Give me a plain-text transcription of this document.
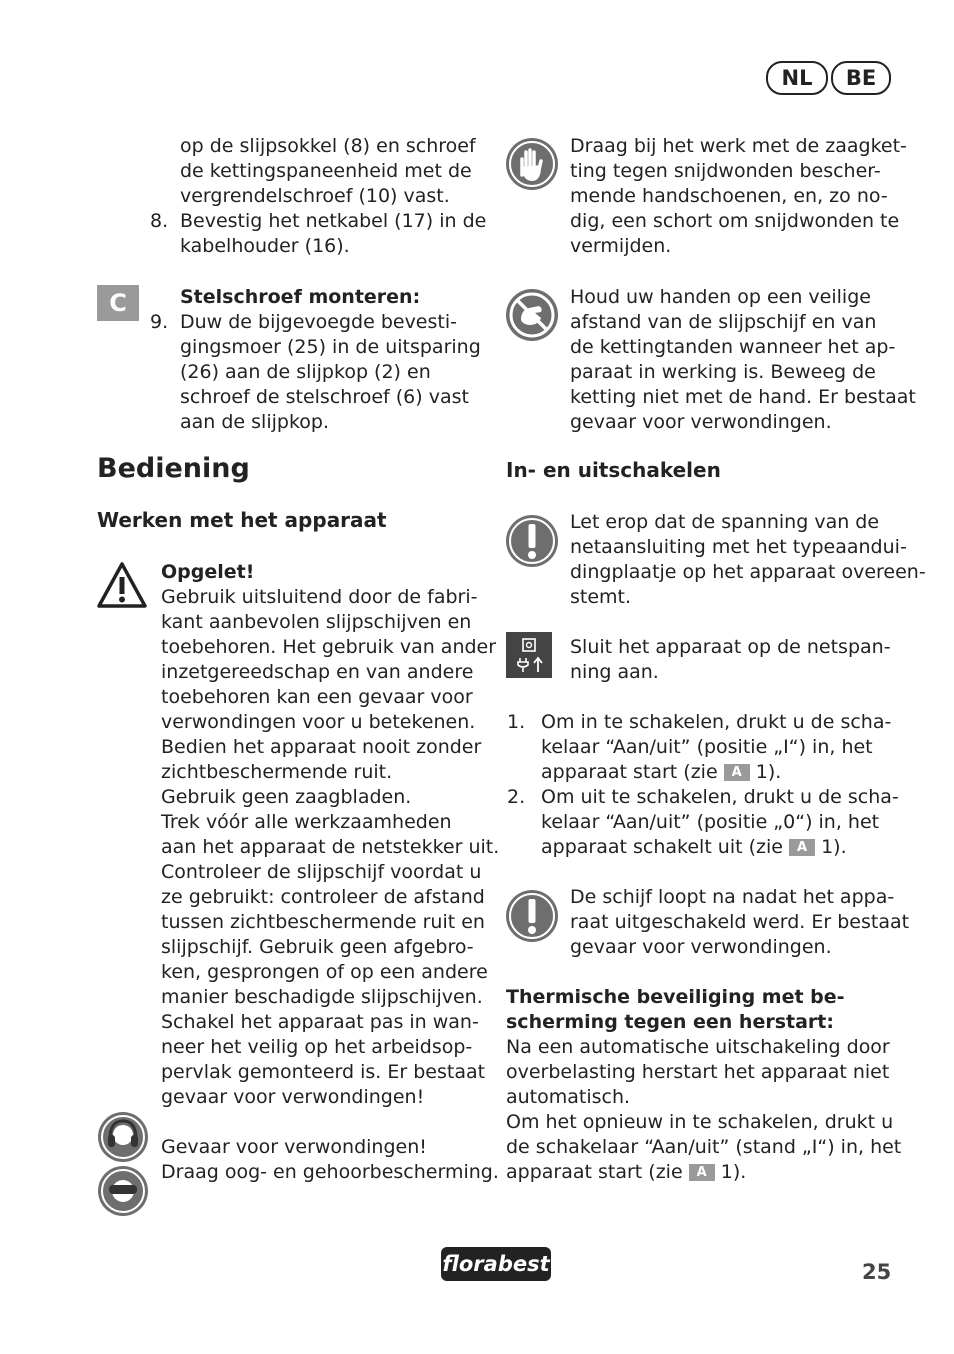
NL	BE

op de slijpsokkel (8) en schroef

de kettingspaneenheid met de

vergrendelschroef (10) vast.

8. Bevestig het netkabel (17) in de

kabelhouder (16).

C	Stelschroef monteren:

9. Duw de bijgevoegde bevesti-

gingsmoer (25) in de uitsparing

(26) aan de slijpkop (2) en

schroef de stelschroef (6) vast

aan de slijpkop.

Bediening
Werken met het apparaat

Opgelet!

Gebruik uitsluitend door de fabri-

kant aanbevolen slijpschijven en

toebehoren. Het gebruik van ander

inzetgereedschap en van andere

toebehoren kan een gevaar voor

verwondingen voor u betekenen.

Bedien het apparaat nooit zonder

zichtbeschermende ruit.

Gebruik geen zaagbladen.

Trek vóór alle werkzaamheden

aan het apparaat de netstekker uit.

Controleer de slijpschijf voordat u

ze gebruikt: controleer de afstand

tussen zichtbeschermende ruit en

slijpschijf. Gebruik geen afgebro-

ken, gesprongen of op een andere

manier beschadigde slijpschijven.

Schakel het apparaat pas in wan-

neer het veilig op het arbeidsop-

pervlak gemonteerd is. Er bestaat

gevaar voor verwondingen!

Gevaar voor verwondingen!

Draag oog- en gehoorbescherming.

Draag bij het werk met de zaagket-

ting tegen snijdwonden bescher-

mende handschoenen, en, zo no-

dig, een schort om snijdwonden te

vermijden.

Houd uw handen op een veilige

afstand van de slijpschijf en van

de kettingtanden wanneer het ap-

paraat in werking is. Beweeg de

ketting niet met de hand. Er bestaat

gevaar voor verwondingen.

In- en uitschakelen

Let erop dat de spanning van de

netaansluiting met het typeaandui-

dingplaatje op het apparaat overeen-

stemt.

Sluit het apparaat op de netspan-

ning aan.

1. Om in te schakelen, drukt u de scha-

kelaar “Aan/uit” (positie „I“) in, het

apparaat start (zie A 1).

2. Om uit te schakelen, drukt u de scha-

kelaar “Aan/uit” (positie „0“) in, het

apparaat schakelt uit (zie A 1).

De schijf loopt na nadat het appa-

raat uitgeschakeld werd. Er bestaat

gevaar voor verwondingen.

Thermische beveiliging met be-

scherming tegen een herstart:

Na een automatische uitschakeling door

overbelasting herstart het apparaat niet

automatisch.

Om het opnieuw in te schakelen, drukt u

de schakelaar “Aan/uit” (stand „I“) in, het

apparaat start (zie A 1).

florabest	25
